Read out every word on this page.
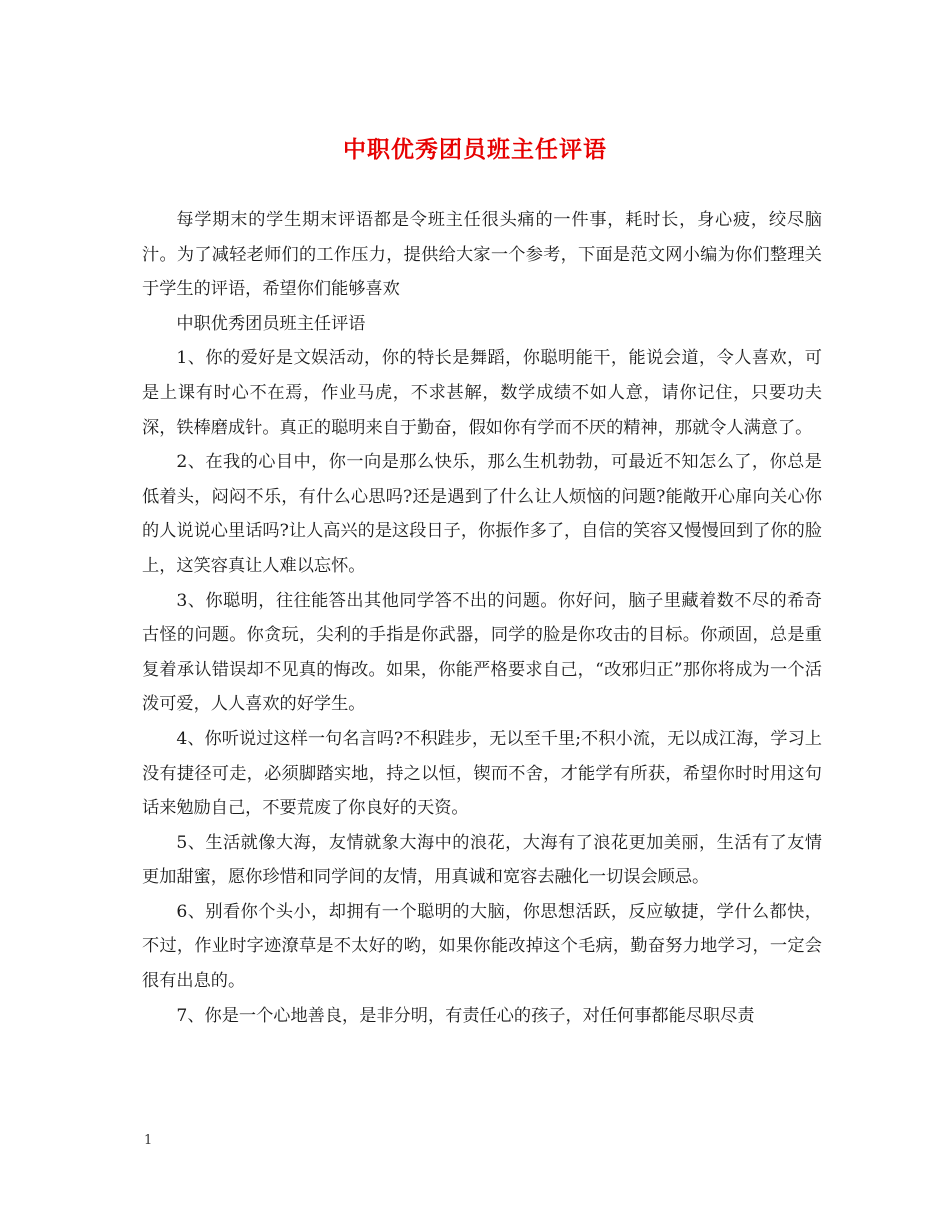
中职优秀团员班主任评语

每学期末的学生期末评语都是令班主任很头痛的一件事，耗时长，身心疲，绞尽脑汁。为了减轻老师们的工作压力，提供给大家一个参考，下面是范文网小编为你们整理关于学生的评语，希望你们能够喜欢

中职优秀团员班主任评语

1、你的爱好是文娱活动，你的特长是舞蹈，你聪明能干，能说会道，令人喜欢，可是上课有时心不在焉，作业马虎，不求甚解，数学成绩不如人意，请你记住，只要功夫深，铁棒磨成针。真正的聪明来自于勤奋，假如你有学而不厌的精神，那就令人满意了。

2、在我的心目中，你一向是那么快乐，那么生机勃勃，可最近不知怎么了，你总是低着头，闷闷不乐，有什么心思吗?还是遇到了什么让人烦恼的问题?能敞开心扉向关心你的人说说心里话吗?让人高兴的是这段日子，你振作多了，自信的笑容又慢慢回到了你的脸上，这笑容真让人难以忘怀。

3、你聪明，往往能答出其他同学答不出的问题。你好问，脑子里藏着数不尽的希奇古怪的问题。你贪玩，尖利的手指是你武器，同学的脸是你攻击的目标。你顽固，总是重复着承认错误却不见真的悔改。如果，你能严格要求自己，“改邪归正”那你将成为一个活泼可爱，人人喜欢的好学生。

4、你听说过这样一句名言吗?不积跬步，无以至千里;不积小流，无以成江海，学习上没有捷径可走，必须脚踏实地，持之以恒，锲而不舍，才能学有所获，希望你时时用这句话来勉励自己，不要荒废了你良好的天资。

5、生活就像大海，友情就象大海中的浪花，大海有了浪花更加美丽，生活有了友情更加甜蜜，愿你珍惜和同学间的友情，用真诚和宽容去融化一切误会顾忌。

6、别看你个头小，却拥有一个聪明的大脑，你思想活跃，反应敏捷，学什么都快，不过，作业时字迹潦草是不太好的哟，如果你能改掉这个毛病，勤奋努力地学习，一定会很有出息的。

7、你是一个心地善良，是非分明，有责任心的孩子，对任何事都能尽职尽责

1
